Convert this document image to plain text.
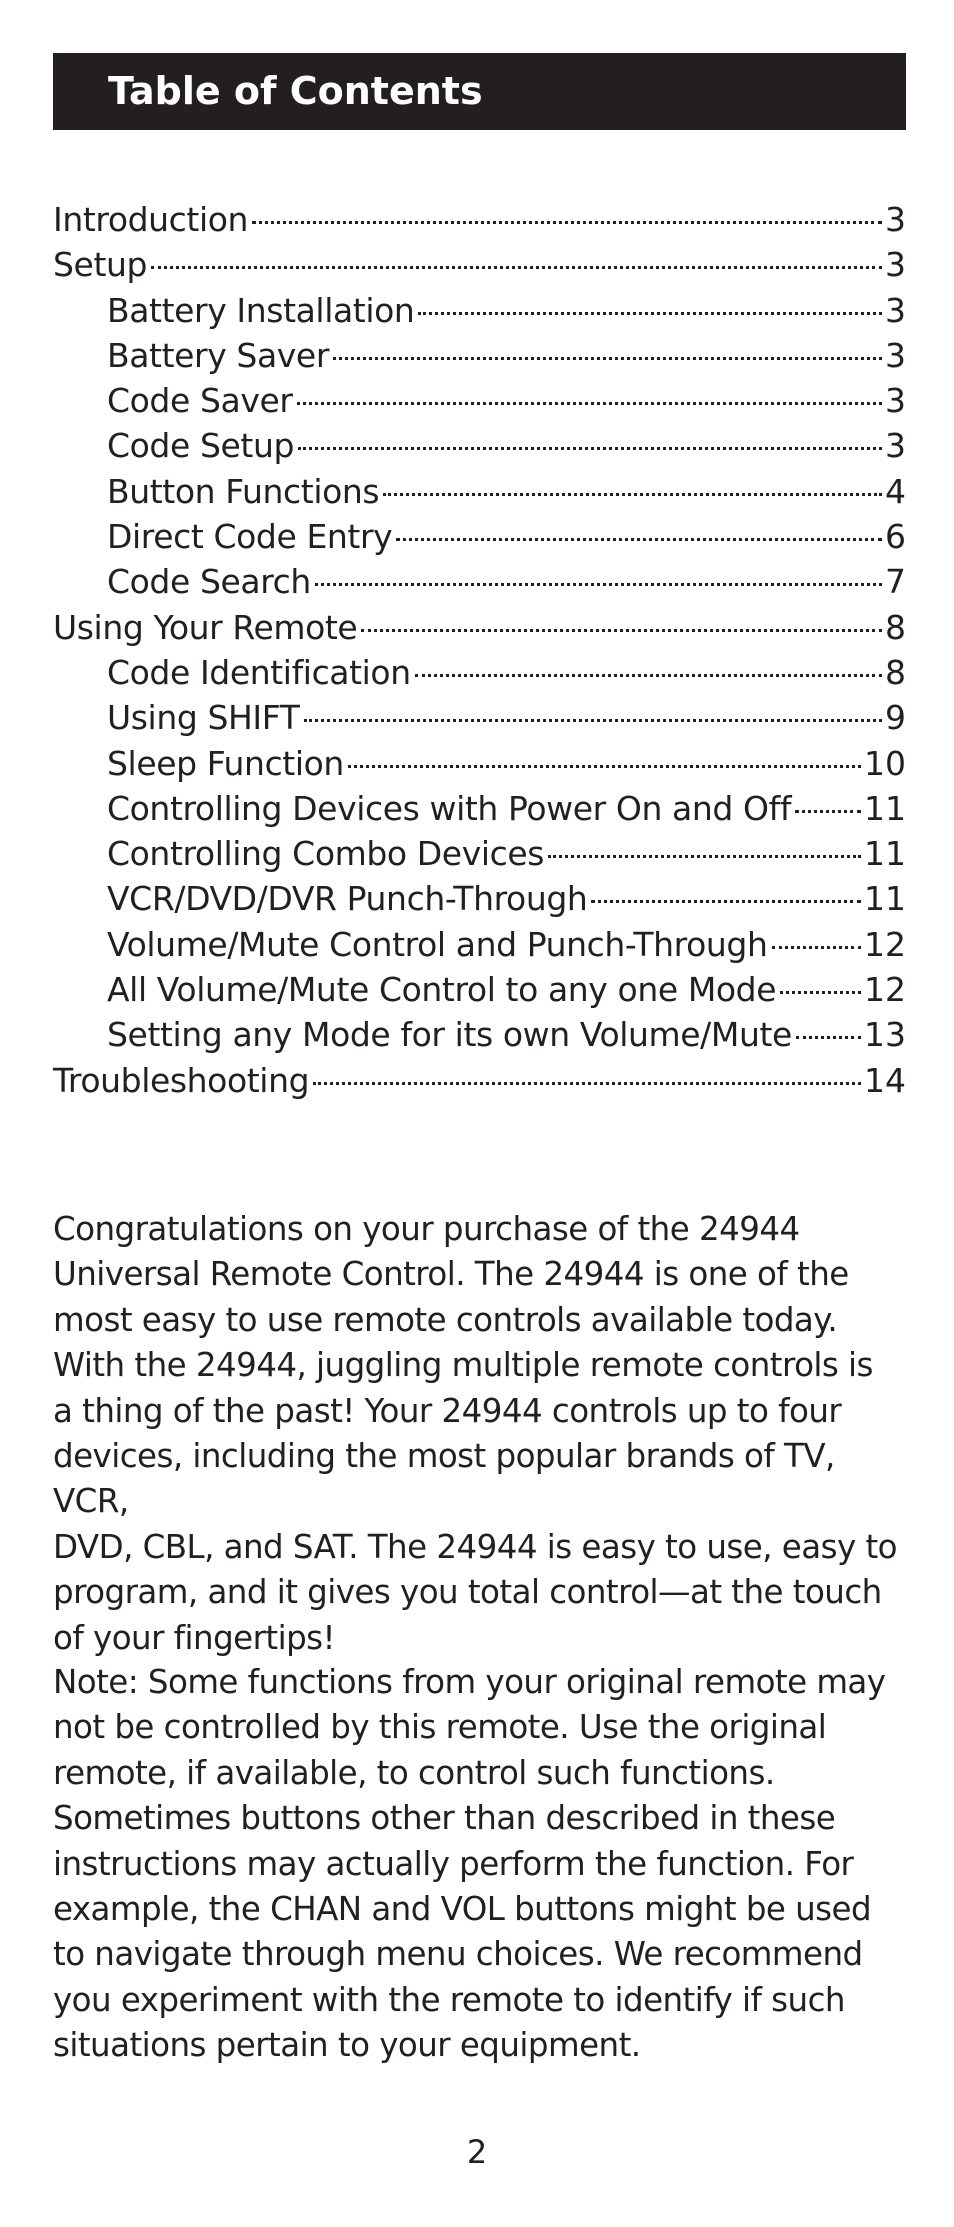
Table of Contents
Introduction	3
Setup	3
Battery Installation	3
Battery Saver	3
Code Saver	3
Code Setup	3
Button Functions	4
Direct Code Entry	6
Code Search	7
Using Your Remote	8
Code Identification	8
Using SHIFT	9
Sleep Function	10
Controlling Devices with Power On and Off 11
Controlling Combo Devices	11
VCR/DVD/DVR Punch-Through	11
Volume/Mute Control and Punch-Through	12
All Volume/Mute Control to any one Mode	12
Setting any Mode for its own Volume/Mute 13
Troubleshooting	14

Congratulations on your purchase of the 24944
Universal Remote Control. The 24944 is one of the
most easy to use remote controls available today.
With the 24944, juggling multiple remote controls is
a thing of the past! Your 24944 controls up to four
devices, including the most popular brands of TV, VCR,
DVD, CBL, and SAT. The 24944 is easy to use, easy to
program, and it gives you total control—at the touch
of your fingertips!

Note: Some functions from your original remote may
not be controlled by this remote. Use the original
remote, if available, to control such functions.
Sometimes buttons other than described in these
instructions may actually perform the function. For
example, the CHAN and VOL buttons might be used
to navigate through menu choices. We recommend
you experiment with the remote to identify if such
situations pertain to your equipment.

2
